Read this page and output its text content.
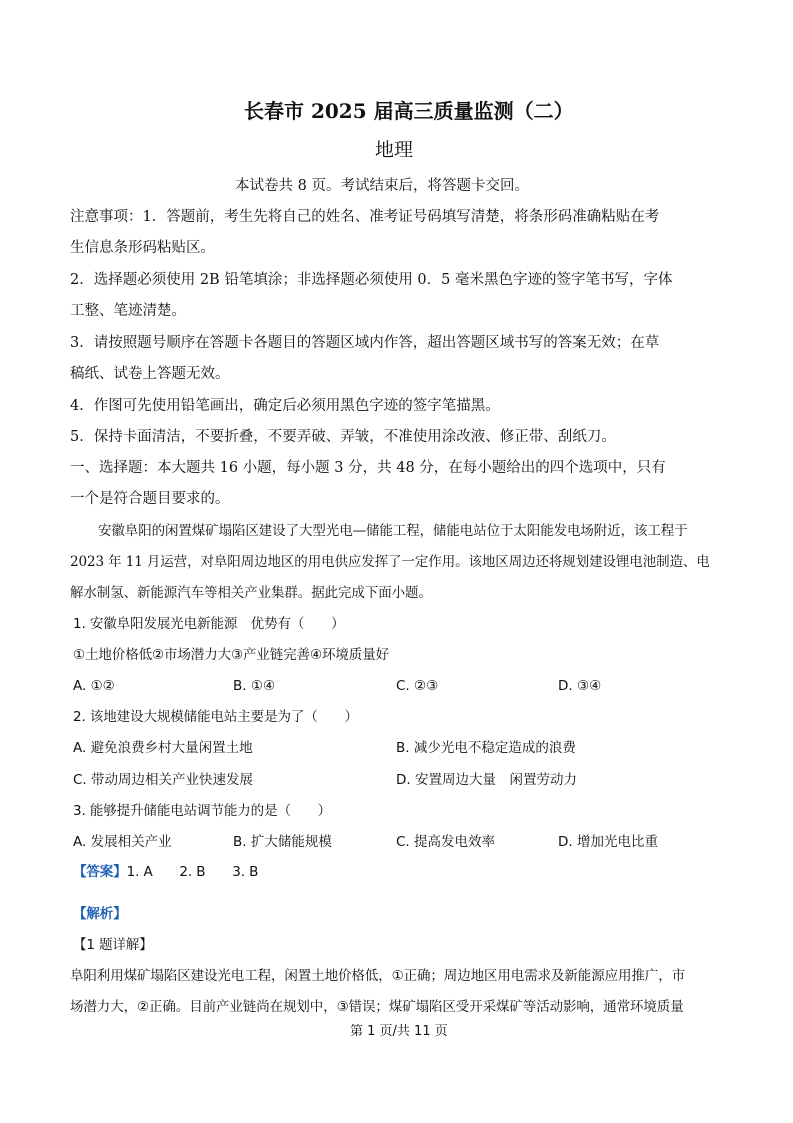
长春市 2025 届高三质量监测（二）
地理
本试卷共 8 页。考试结束后，将答题卡交回。
注意事项：1．答题前，考生先将自己的姓名、准考证号码填写清楚，将条形码准确粘贴在考
生信息条形码粘贴区。
2．选择题必须使用 2B 铅笔填涂；非选择题必须使用 0．5 毫米黑色字迹的签字笔书写，字体
工整、笔迹清楚。
3．请按照题号顺序在答题卡各题目的答题区域内作答，超出答题区域书写的答案无效；在草
稿纸、试卷上答题无效。
4．作图可先使用铅笔画出，确定后必须用黑色字迹的签字笔描黑。
5．保持卡面清洁，不要折叠，不要弄破、弄皱，不准使用涂改液、修正带、刮纸刀。
一、选择题：本大题共 16 小题，每小题 3 分，共 48 分，在每小题给出的四个选项中，只有
一个是符合题目要求的。
安徽阜阳的闲置煤矿塌陷区建设了大型光电—储能工程，储能电站位于太阳能发电场附近，该工程于
2023 年 11 月运营，对阜阳周边地区的用电供应发挥了一定作用。该地区周边还将规划建设锂电池制造、电
解水制氢、新能源汽车等相关产业集群。据此完成下面小题。
1. 安徽阜阳发展光电新能源　优势有（　　）
①土地价格低②市场潜力大③产业链完善④环境质量好
A. ①②	B. ①④	C. ②③	D. ③④
2. 该地建设大规模储能电站主要是为了（　　）
A. 避免浪费乡村大量闲置土地	B. 减少光电不稳定造成的浪费
C. 带动周边相关产业快速发展	D. 安置周边大量　闲置劳动力
3. 能够提升储能电站调节能力的是（　　）
A. 发展相关产业	B. 扩大储能规模	C. 提高发电效率	D. 增加光电比重
【答案】1. A　　2. B　　3. B
【解析】
【1 题详解】
阜阳利用煤矿塌陷区建设光电工程，闲置土地价格低，①正确；周边地区用电需求及新能源应用推广，市
场潜力大，②正确。目前产业链尚在规划中，③错误；煤矿塌陷区受开采煤矿等活动影响，通常环境质量
第 1 页/共 11 页
